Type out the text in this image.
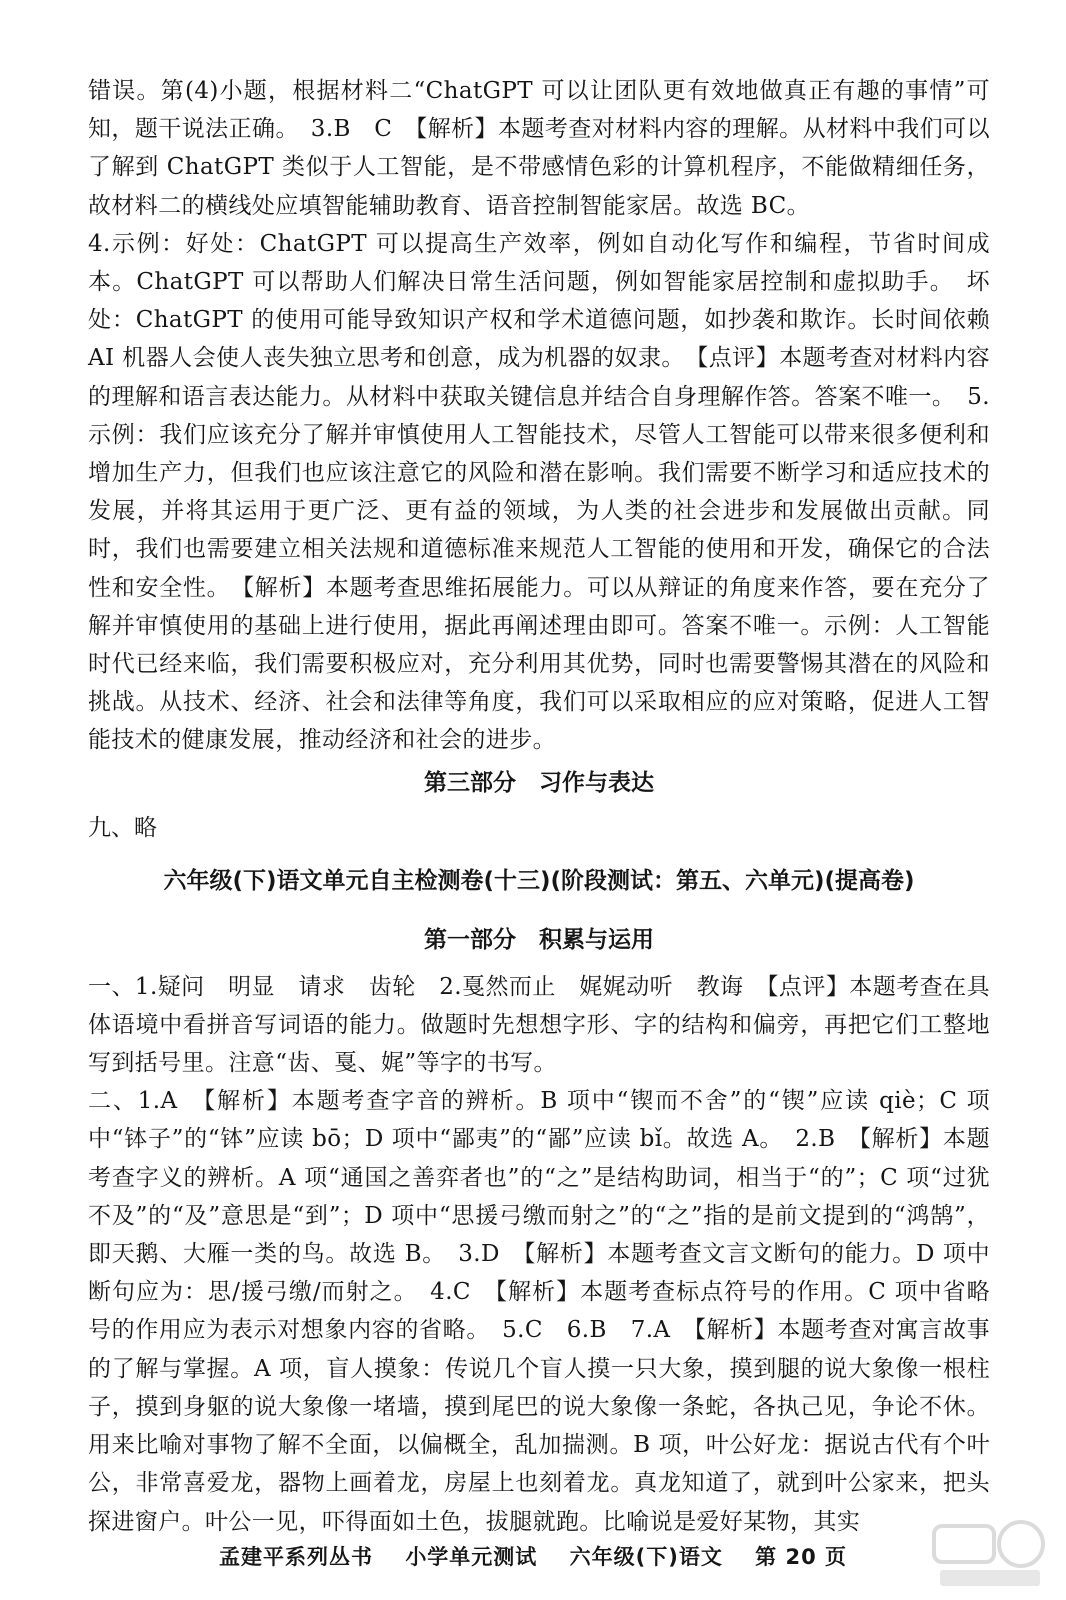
错误。第(4)小题，根据材料二“ChatGPT 可以让团队更有效地做真正有趣的事情”可知，题干说法正确。　3.B　C　【解析】本题考查对材料内容的理解。从材料中我们可以了解到 ChatGPT 类似于人工智能，是不带感情色彩的计算机程序，不能做精细任务，故材料二的横线处应填智能辅助教育、语音控制智能家居。故选 BC。

4.示例：好处：ChatGPT 可以提高生产效率，例如自动化写作和编程，节省时间成本。ChatGPT 可以帮助人们解决日常生活问题，例如智能家居控制和虚拟助手。　坏处：ChatGPT 的使用可能导致知识产权和学术道德问题，如抄袭和欺诈。长时间依赖 AI 机器人会使人丧失独立思考和创意，成为机器的奴隶。　【点评】本题考查对材料内容的理解和语言表达能力。从材料中获取关键信息并结合自身理解作答。答案不唯一。　5.示例：我们应该充分了解并审慎使用人工智能技术，尽管人工智能可以带来很多便利和增加生产力，但我们也应该注意它的风险和潜在影响。我们需要不断学习和适应技术的发展，并将其运用于更广泛、更有益的领域，为人类的社会进步和发展做出贡献。同时，我们也需要建立相关法规和道德标准来规范人工智能的使用和开发，确保它的合法性和安全性。　【解析】本题考查思维拓展能力。可以从辩证的角度来作答，要在充分了解并审慎使用的基础上进行使用，据此再阐述理由即可。答案不唯一。示例：人工智能时代已经来临，我们需要积极应对，充分利用其优势，同时也需要警惕其潜在的风险和挑战。从技术、经济、社会和法律等角度，我们可以采取相应的应对策略，促进人工智能技术的健康发展，推动经济和社会的进步。

第三部分　习作与表达

九、略

六年级(下)语文单元自主检测卷(十三)(阶段测试：第五、六单元)(提高卷)

第一部分　积累与运用

一、1.疑问　明显　请求　齿轮　2.戛然而止　娓娓动听　教诲　【点评】本题考查在具体语境中看拼音写词语的能力。做题时先想想字形、字的结构和偏旁，再把它们工整地写到括号里。注意“齿、戛、娓”等字的书写。

二、1.A　【解析】本题考查字音的辨析。B 项中“锲而不舍”的“锲”应读 qiè；C 项中“钵子”的“钵”应读 bō；D 项中“鄙夷”的“鄙”应读 bǐ。故选 A。　2.B　【解析】本题考查字义的辨析。A 项“通国之善弈者也”的“之”是结构助词，相当于“的”；C 项“过犹不及”的“及”意思是“到”；D 项中“思援弓缴而射之”的“之”指的是前文提到的“鸿鹄”，即天鹅、大雁一类的鸟。故选 B。　3.D　【解析】本题考查文言文断句的能力。D 项中断句应为：思/援弓缴/而射之。　4.C　【解析】本题考查标点符号的作用。C 项中省略号的作用应为表示对想象内容的省略。　5.C　6.B　7.A　【解析】本题考查对寓言故事的了解与掌握。A 项，盲人摸象：传说几个盲人摸一只大象，摸到腿的说大象像一根柱子，摸到身躯的说大象像一堵墙，摸到尾巴的说大象像一条蛇，各执己见，争论不休。用来比喻对事物了解不全面，以偏概全，乱加揣测。B 项，叶公好龙：据说古代有个叶公，非常喜爱龙，器物上画着龙，房屋上也刻着龙。真龙知道了，就到叶公家来，把头探进窗户。叶公一见，吓得面如土色，拔腿就跑。比喻说是爱好某物，其实

孟建平系列丛书 小学单元测试 六年级(下)语文 第 20 页
